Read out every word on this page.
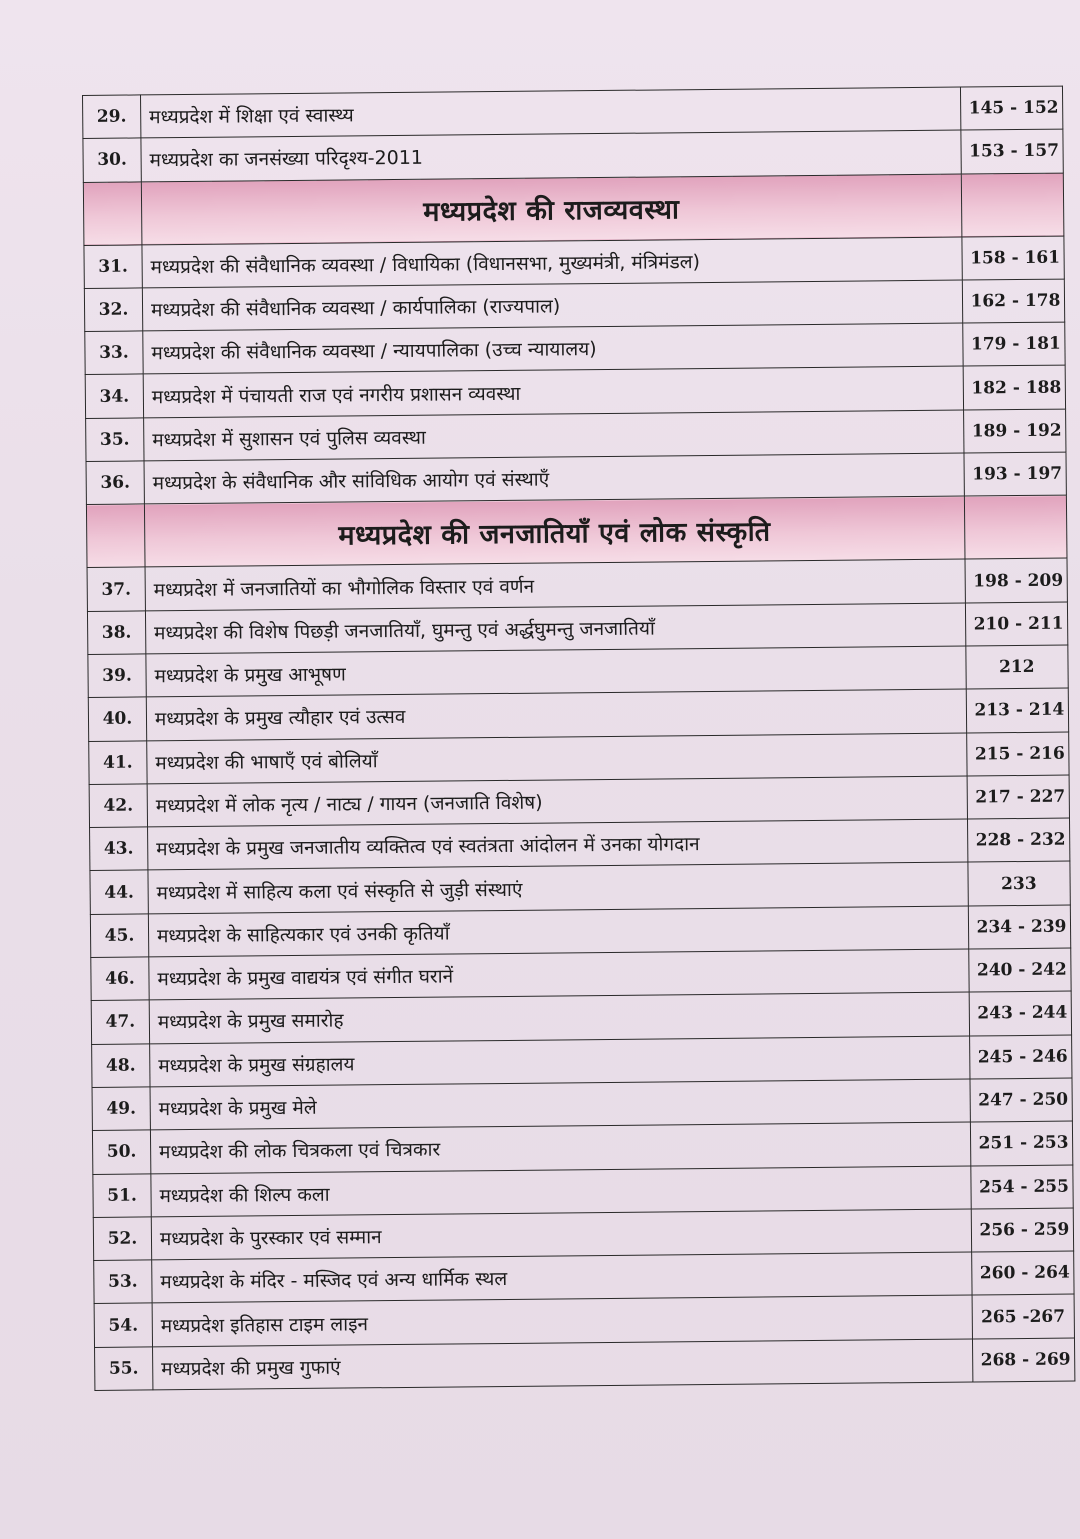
29.	मध्यप्रदेश में शिक्षा एवं स्वास्थ्य	145 - 152
30.	मध्यप्रदेश का जनसंख्या परिदृश्य-2011	153 - 157
	मध्यप्रदेश की राजव्यवस्था	
31.	मध्यप्रदेश की संवैधानिक व्यवस्था / विधायिका (विधानसभा, मुख्यमंत्री, मंत्रिमंडल)	158 - 161
32.	मध्यप्रदेश की संवैधानिक व्यवस्था / कार्यपालिका (राज्यपाल)	162 - 178
33.	मध्यप्रदेश की संवैधानिक व्यवस्था / न्यायपालिका (उच्च न्यायालय)	179 - 181
34.	मध्यप्रदेश में पंचायती राज एवं नगरीय प्रशासन व्यवस्था	182 - 188
35.	मध्यप्रदेश में सुशासन एवं पुलिस व्यवस्था	189 - 192
36.	मध्यप्रदेश के संवैधानिक और सांविधिक आयोग एवं संस्थाएँ	193 - 197
	मध्यप्रदेश की जनजातियाँ एवं लोक संस्कृति	
37.	मध्यप्रदेश में जनजातियों का भौगोलिक विस्तार एवं वर्णन	198 - 209
38.	मध्यप्रदेश की विशेष पिछड़ी जनजातियाँ, घुमन्तु एवं अर्द्धघुमन्तु जनजातियाँ	210 - 211
39.	मध्यप्रदेश के प्रमुख आभूषण	212
40.	मध्यप्रदेश के प्रमुख त्यौहार एवं उत्सव	213 - 214
41.	मध्यप्रदेश की भाषाएँ एवं बोलियाँ	215 - 216
42.	मध्यप्रदेश में लोक नृत्य / नाट्य / गायन (जनजाति विशेष)	217 - 227
43.	मध्यप्रदेश के प्रमुख जनजातीय व्यक्तित्व एवं स्वतंत्रता आंदोलन में उनका योगदान	228 - 232
44.	मध्यप्रदेश में साहित्य कला एवं संस्कृति से जुड़ी संस्थाएं	233
45.	मध्यप्रदेश के साहित्यकार एवं उनकी कृतियाँ	234 - 239
46.	मध्यप्रदेश के प्रमुख वाद्ययंत्र एवं संगीत घरानें	240 - 242
47.	मध्यप्रदेश के प्रमुख समारोह	243 - 244
48.	मध्यप्रदेश के प्रमुख संग्रहालय	245 - 246
49.	मध्यप्रदेश के प्रमुख मेले	247 - 250
50.	मध्यप्रदेश की लोक चित्रकला एवं चित्रकार	251 - 253
51.	मध्यप्रदेश की शिल्प कला	254 - 255
52.	मध्यप्रदेश के पुरस्कार एवं सम्मान	256 - 259
53.	मध्यप्रदेश के मंदिर - मस्जिद एवं अन्य धार्मिक स्थल	260 - 264
54.	मध्यप्रदेश इतिहास टाइम लाइन	265 -267
55.	मध्यप्रदेश की प्रमुख गुफाएं	268 - 269
